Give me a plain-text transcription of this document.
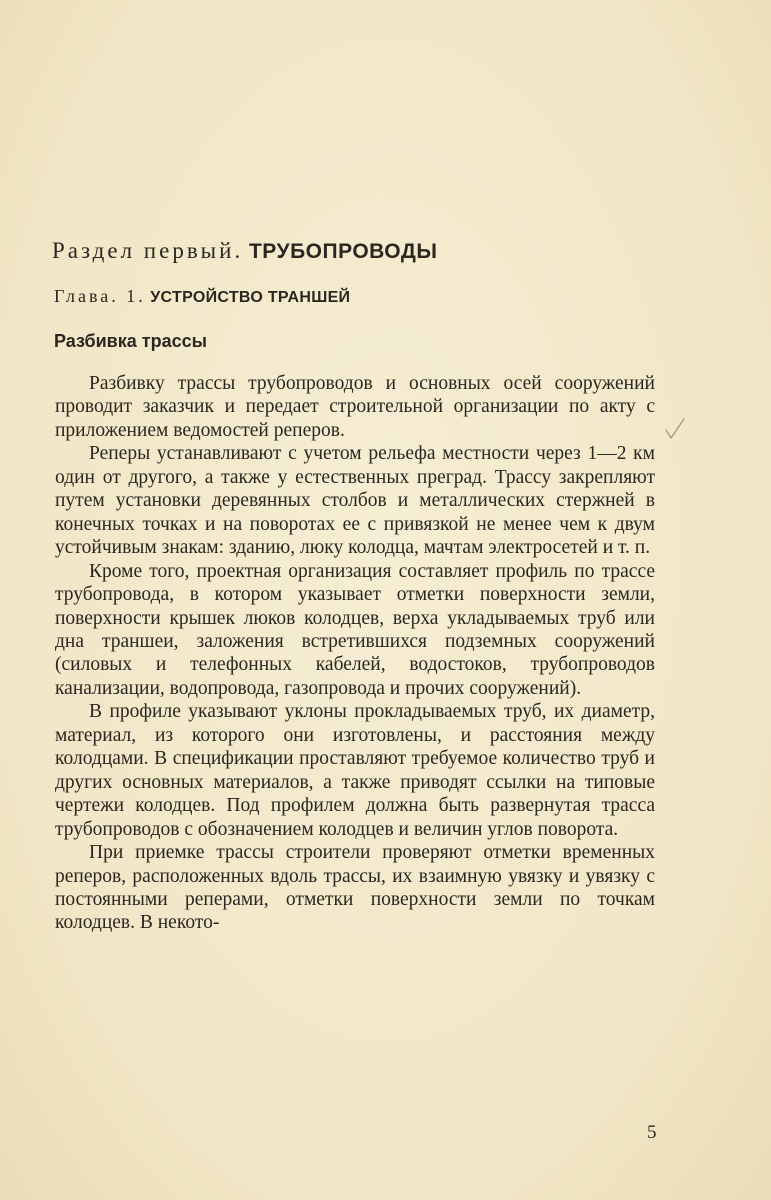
Раздел первый. ТРУБОПРОВОДЫ
Глава. 1. УСТРОЙСТВО ТРАНШЕЙ
Разбивка трассы

Разбивку трассы трубопроводов и основных осей сооружений проводит заказчик и передает строительной организации по акту с приложением ведомостей реперов.

Реперы устанавливают с учетом рельефа местности через 1—2 км один от другого, а также у естественных преград. Трассу закрепляют путем установки деревянных столбов и металлических стержней в конечных точках и на поворотах ее с привязкой не менее чем к двум устойчивым знакам: зданию, люку колодца, мачтам электросетей и т. п.

Кроме того, проектная организация составляет профиль по трассе трубопровода, в котором указывает отметки поверхности земли, поверхности крышек люков колодцев, верха укладываемых труб или дна траншеи, заложения встретившихся подземных сооружений (силовых и телефонных кабелей, водостоков, трубопроводов канализации, водопровода, газопровода и прочих сооружений).

В профиле указывают уклоны прокладываемых труб, их диаметр, материал, из которого они изготовлены, и расстояния между колодцами. В спецификации проставляют требуемое количество труб и других основных материалов, а также приводят ссылки на типовые чертежи колодцев. Под профилем должна быть развернутая трасса трубопроводов с обозначением колодцев и величин углов поворота.

При приемке трассы строители проверяют отметки временных реперов, расположенных вдоль трассы, их взаимную увязку и увязку с постоянными реперами, отметки поверхности земли по точкам колодцев. В некото-

5
